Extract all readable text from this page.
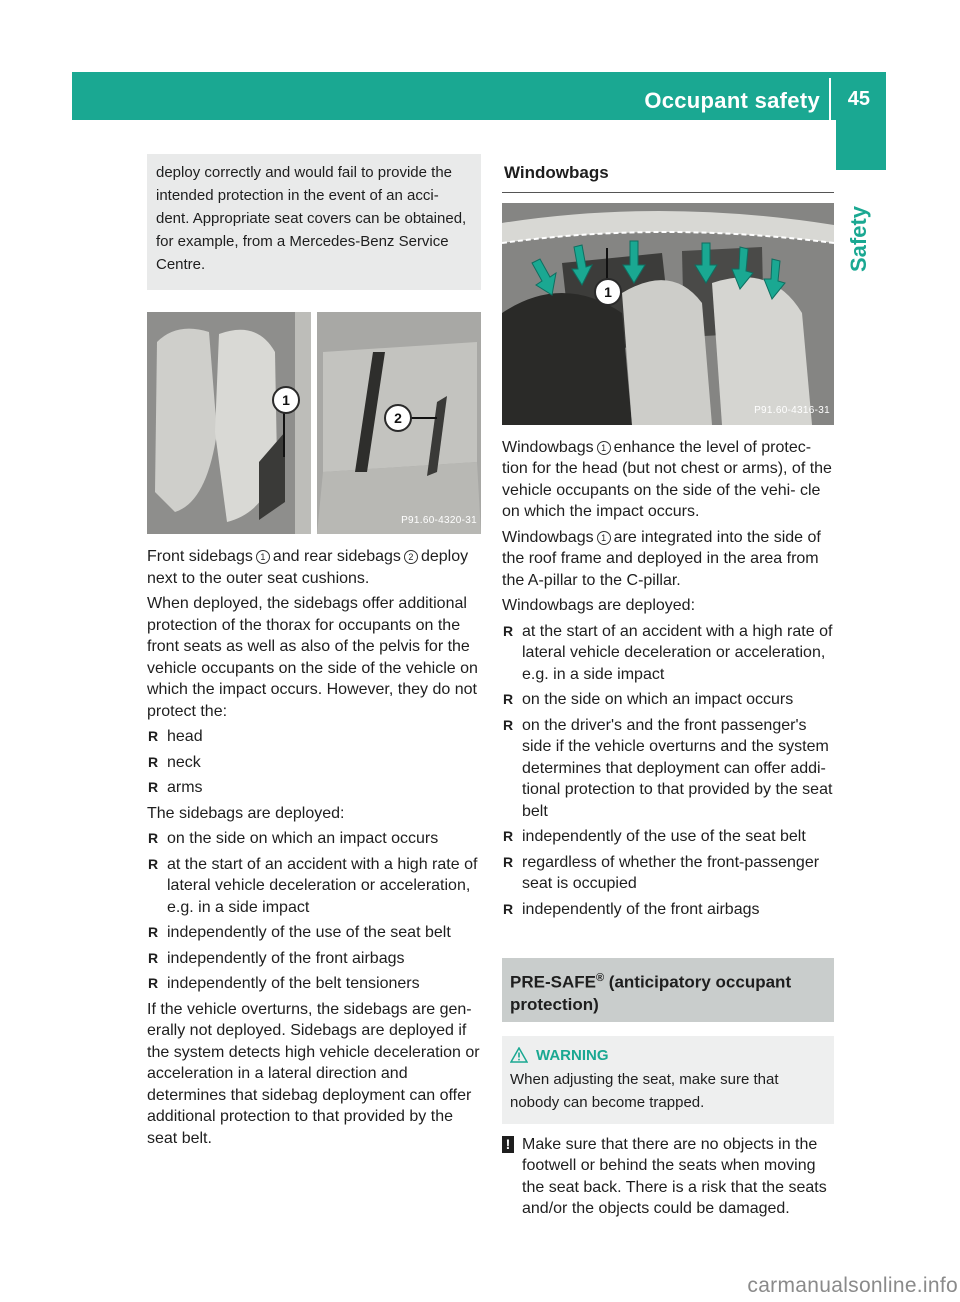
Occupant safety 45
Safety
deploy correctly and would fail to provide the intended protection in the event of an acci- dent. Appropriate seat covers can be obtained, for example, from a Mercedes-Benz Service Centre.
1
2
P91.60-4320-31

Front sidebags 1 and rear sidebags 2 deploy next to the outer seat cushions.

When deployed, the sidebags offer additional protection of the thorax for occupants on the front seats as well as also of the pelvis for the vehicle occupants on the side of the vehicle on which the impact occurs. However, they do not protect the:

R head
R neck
R arms

The sidebags are deployed:

R on the side on which an impact occurs
R at the start of an accident with a high rate of lateral vehicle deceleration or acceleration, e.g. in a side impact
R independently of the use of the seat belt
R independently of the front airbags
R independently of the belt tensioners

If the vehicle overturns, the sidebags are gen- erally not deployed. Sidebags are deployed if the system detects high vehicle deceleration or acceleration in a lateral direction and determines that sidebag deployment can offer additional protection to that provided by the seat belt.

Windowbags
1
P91.60-4316-31

Windowbags 1 enhance the level of protec- tion for the head (but not chest or arms), of the vehicle occupants on the side of the vehi- cle on which the impact occurs.

Windowbags 1 are integrated into the side of the roof frame and deployed in the area from the A-pillar to the C-pillar.

Windowbags are deployed:

R at the start of an accident with a high rate of lateral vehicle deceleration or acceleration, e.g. in a side impact
R on the side on which an impact occurs
R on the driver's and the front passenger's side if the vehicle overturns and the system determines that deployment can offer addi- tional protection to that provided by the seat belt
R independently of the use of the seat belt
R regardless of whether the front-passenger seat is occupied
R independently of the front airbags
PRE-SAFE® (anticipatory occupant protection)
WARNING
When adjusting the seat, make sure that nobody can become trapped.
! Make sure that there are no objects in the footwell or behind the seats when moving the seat back. There is a risk that the seats and/or the objects could be damaged.
carmanualsonline.info
